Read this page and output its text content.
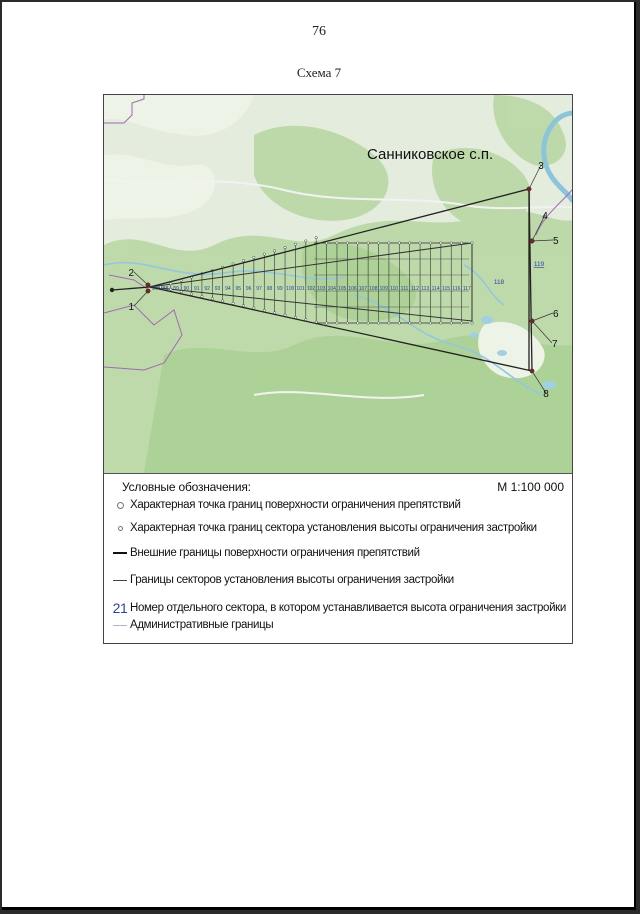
76
Схема 7
87 88 89 90 91 92 93 94 95 96 97 98 99 100 101 102 103 104 105 106 107 108 109 110 111 112 113 114 115 116 117
118
119
1
2
3
4
5
6
7
8
Санниковское с.п.
Условные обозначения:	М 1:100 000
Характерная точка границ поверхности ограничения препятствий
Характерная точка границ сектора установления высоты ограничения застройки
Внешние границы поверхности ограничения препятствий
Границы секторов установления высоты ограничения застройки
21 Номер отдельного сектора, в котором устанавливается высота ограничения застройки
Административные границы
